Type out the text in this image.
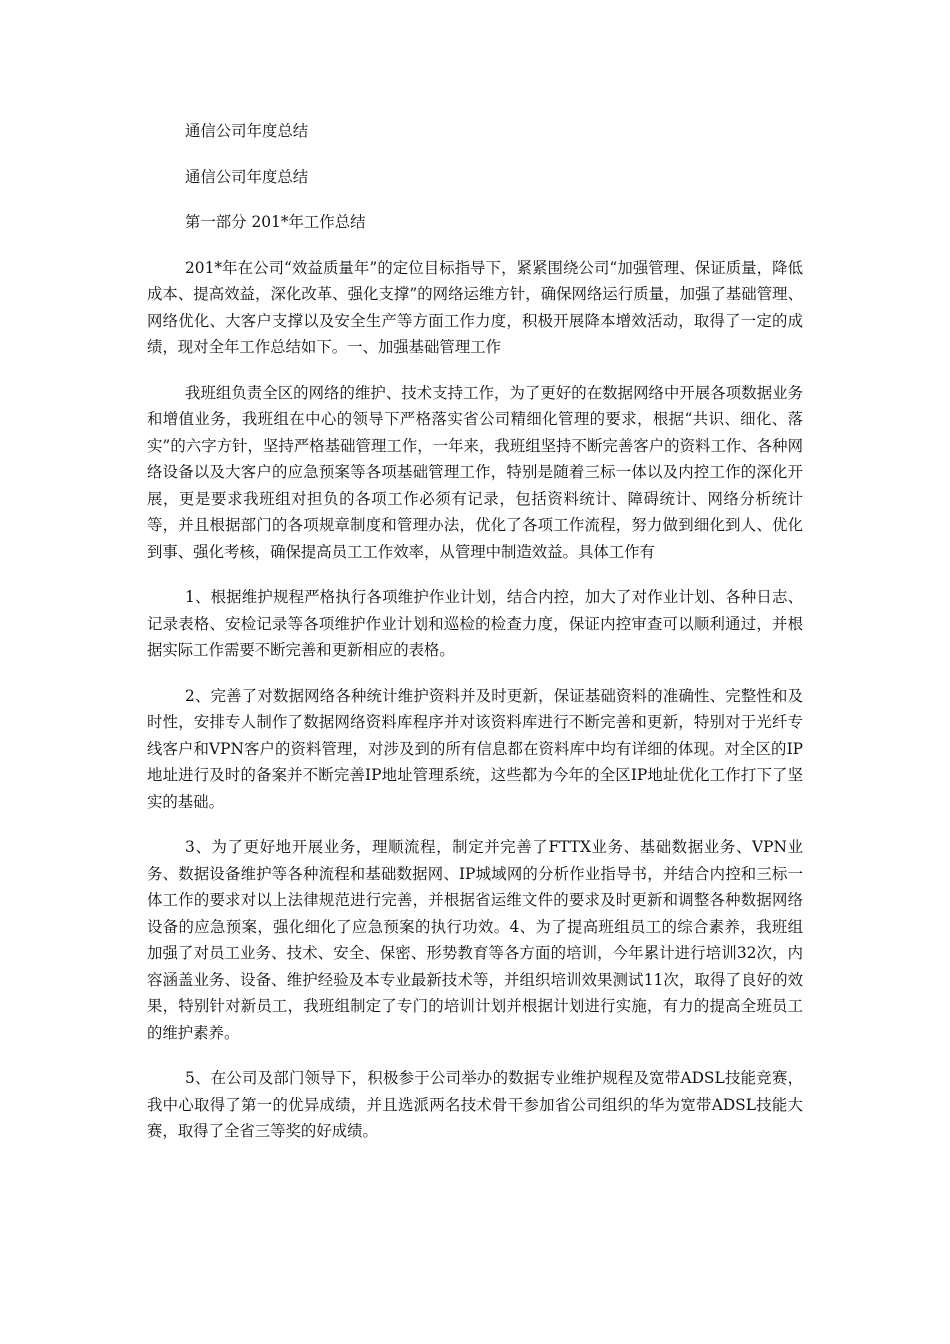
通信公司年度总结

通信公司年度总结

第一部分 201*年工作总结

201*年在公司“效益质量年”的定位目标指导下，紧紧围绕公司“加强管理、保证质量，降低成本、提高效益，深化改革、强化支撑”的网络运维方针，确保网络运行质量，加强了基础管理、网络优化、大客户支撑以及安全生产等方面工作力度，积极开展降本增效活动，取得了一定的成绩，现对全年工作总结如下。一、加强基础管理工作

我班组负责全区的网络的维护、技术支持工作，为了更好的在数据网络中开展各项数据业务和增值业务，我班组在中心的领导下严格落实省公司精细化管理的要求，根据“共识、细化、落实”的六字方针，坚持严格基础管理工作，一年来，我班组坚持不断完善客户的资料工作、各种网络设备以及大客户的应急预案等各项基础管理工作，特别是随着三标一体以及内控工作的深化开展，更是要求我班组对担负的各项工作必须有记录，包括资料统计、障碍统计、网络分析统计等，并且根据部门的各项规章制度和管理办法，优化了各项工作流程，努力做到细化到人、优化到事、强化考核，确保提高员工工作效率，从管理中制造效益。具体工作有

1、根据维护规程严格执行各项维护作业计划，结合内控，加大了对作业计划、各种日志、记录表格、安检记录等各项维护作业计划和巡检的检查力度，保证内控审查可以顺利通过，并根据实际工作需要不断完善和更新相应的表格。

2、完善了对数据网络各种统计维护资料并及时更新，保证基础资料的准确性、完整性和及时性，安排专人制作了数据网络资料库程序并对该资料库进行不断完善和更新，特别对于光纤专线客户和VPN客户的资料管理，对涉及到的所有信息都在资料库中均有详细的体现。对全区的IP地址进行及时的备案并不断完善IP地址管理系统，这些都为今年的全区IP地址优化工作打下了坚实的基础。

3、为了更好地开展业务，理顺流程，制定并完善了FTTX业务、基础数据业务、VPN业务、数据设备维护等各种流程和基础数据网、IP城域网的分析作业指导书，并结合内控和三标一体工作的要求对以上法律规范进行完善，并根据省运维文件的要求及时更新和调整各种数据网络设备的应急预案，强化细化了应急预案的执行功效。4、为了提高班组员工的综合素养，我班组加强了对员工业务、技术、安全、保密、形势教育等各方面的培训，今年累计进行培训32次，内容涵盖业务、设备、维护经验及本专业最新技术等，并组织培训效果测试11次，取得了良好的效果，特别针对新员工，我班组制定了专门的培训计划并根据计划进行实施，有力的提高全班员工的维护素养。

5、在公司及部门领导下，积极参于公司举办的数据专业维护规程及宽带ADSL技能竞赛，我中心取得了第一的优异成绩，并且选派两名技术骨干参加省公司组织的华为宽带ADSL技能大赛，取得了全省三等奖的好成绩。
